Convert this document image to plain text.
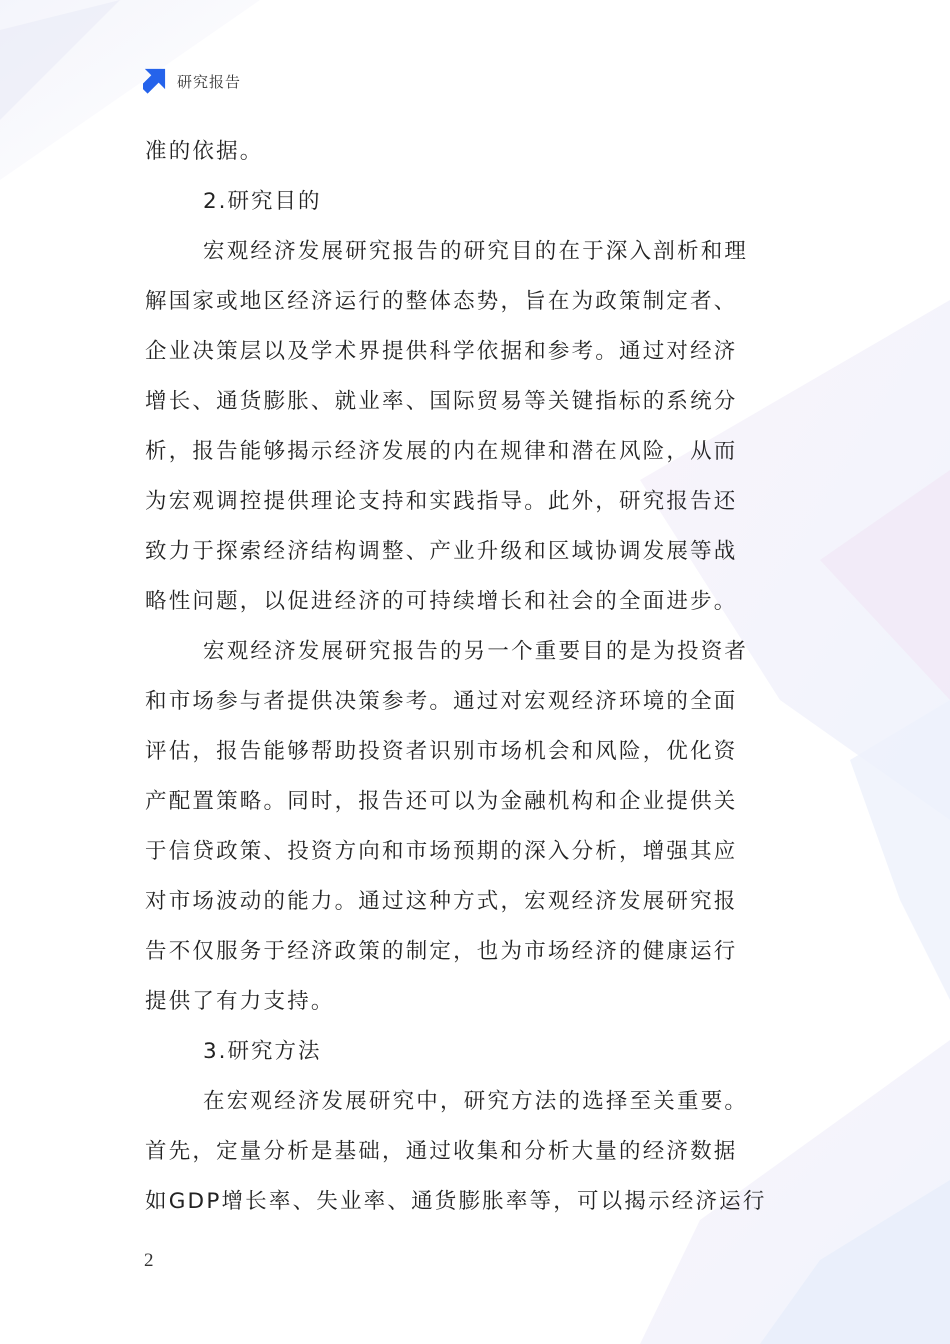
研究报告
准的依据。
2.研究目的
宏观经济发展研究报告的研究目的在于深入剖析和理
解国家或地区经济运行的整体态势，旨在为政策制定者、
企业决策层以及学术界提供科学依据和参考。通过对经济
增长、通货膨胀、就业率、国际贸易等关键指标的系统分
析，报告能够揭示经济发展的内在规律和潜在风险，从而
为宏观调控提供理论支持和实践指导。此外，研究报告还
致力于探索经济结构调整、产业升级和区域协调发展等战
略性问题，以促进经济的可持续增长和社会的全面进步。
宏观经济发展研究报告的另一个重要目的是为投资者
和市场参与者提供决策参考。通过对宏观经济环境的全面
评估，报告能够帮助投资者识别市场机会和风险，优化资
产配置策略。同时，报告还可以为金融机构和企业提供关
于信贷政策、投资方向和市场预期的深入分析，增强其应
对市场波动的能力。通过这种方式，宏观经济发展研究报
告不仅服务于经济政策的制定，也为市场经济的健康运行
提供了有力支持。
3.研究方法
在宏观经济发展研究中，研究方法的选择至关重要。
首先，定量分析是基础，通过收集和分析大量的经济数据
如GDP增长率、失业率、通货膨胀率等，可以揭示经济运行
2
